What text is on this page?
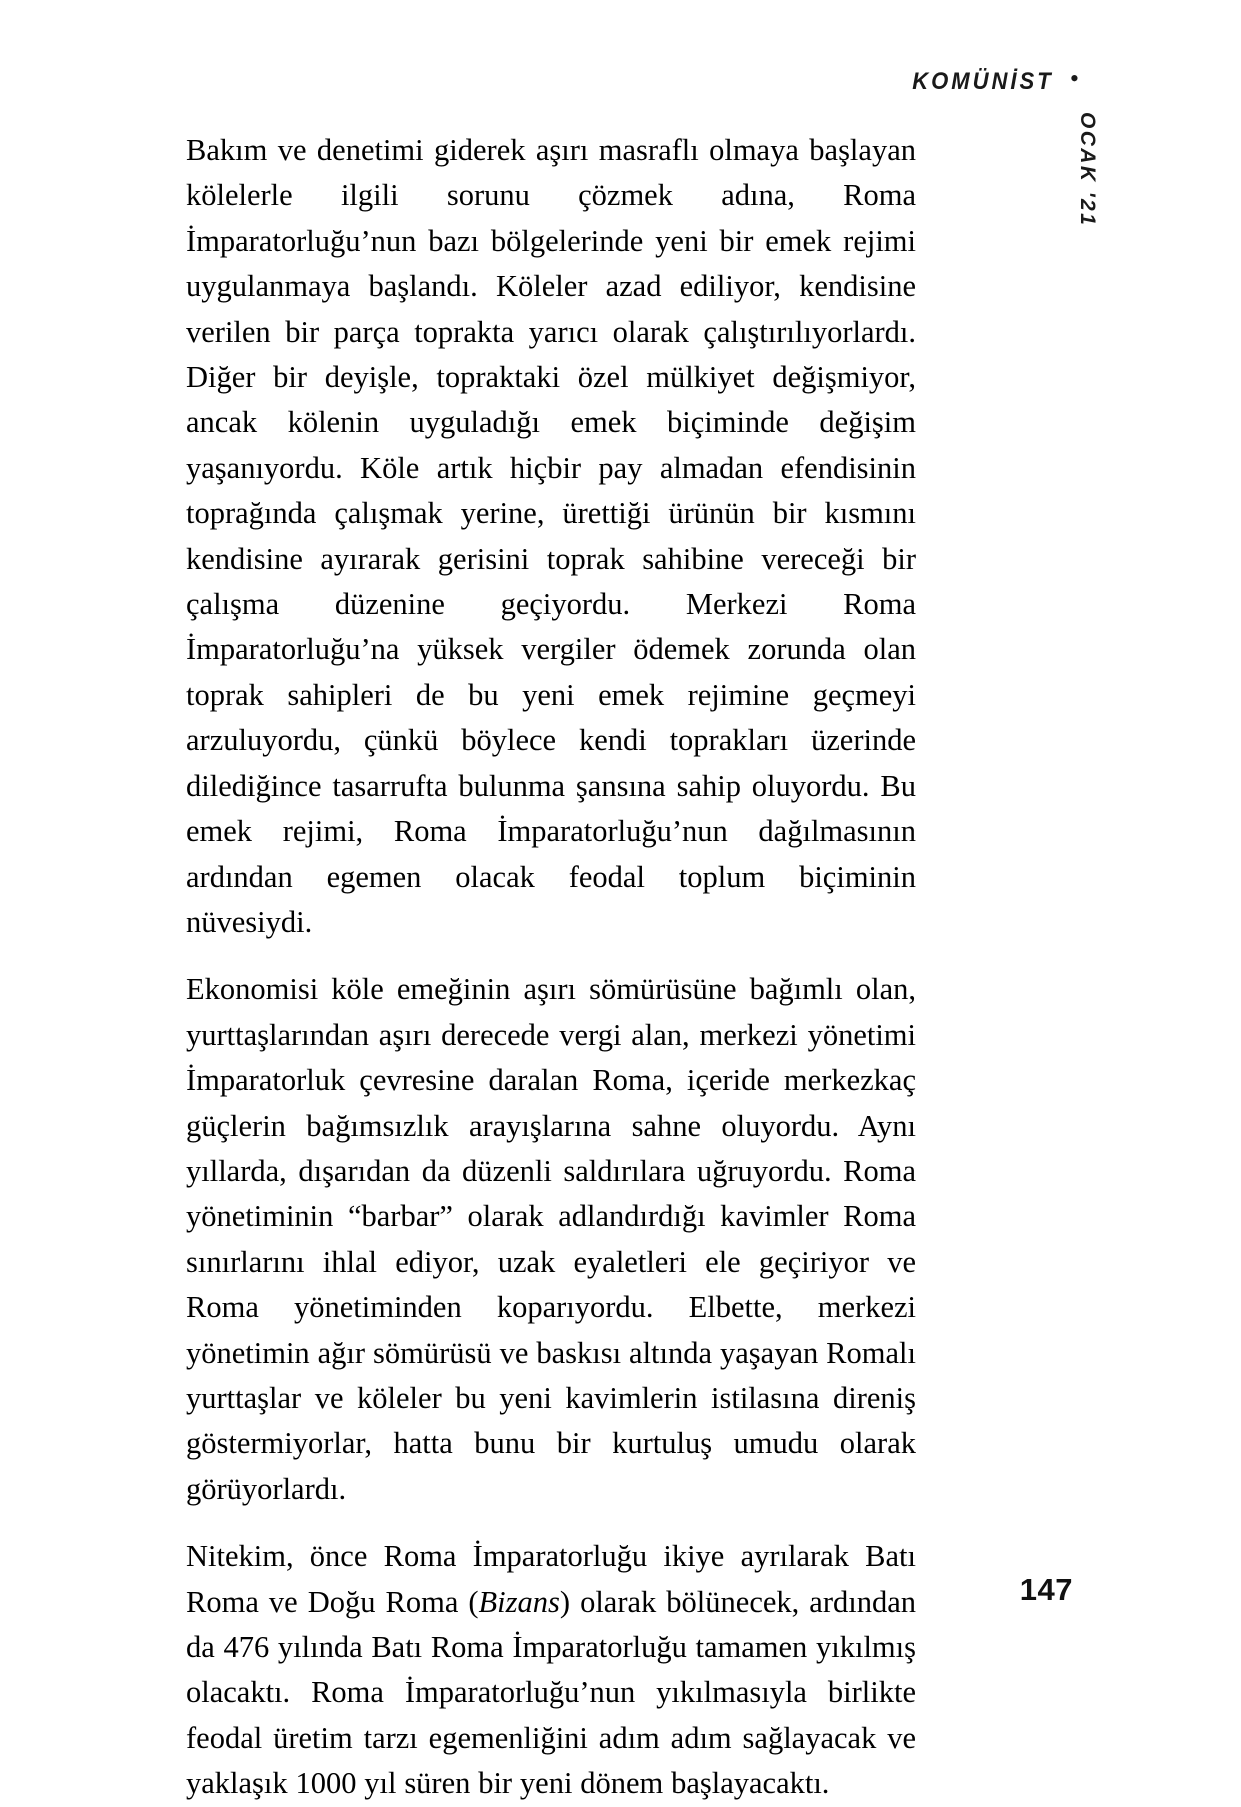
KOMÜNİST •
OCAK '21

Bakım ve denetimi giderek aşırı masraflı olmaya başlayan kölelerle ilgili sorunu çözmek adına, Roma İmparatorluğu’nun bazı bölgelerinde yeni bir emek rejimi uygulanmaya başlandı. Köleler azad ediliyor, kendisine verilen bir parça toprakta yarıcı olarak çalıştırılıyorlardı. Diğer bir deyişle, topraktaki özel mülkiyet değişmiyor, ancak kölenin uyguladığı emek biçiminde değişim yaşanıyordu. Köle artık hiçbir pay almadan efendisinin toprağında çalışmak yerine, ürettiği ürünün bir kısmını kendisine ayırarak gerisini toprak sahibine vereceği bir çalışma düzenine geçiyordu. Merkezi Roma İmparatorluğu’na yüksek vergiler ödemek zorunda olan toprak sahipleri de bu yeni emek rejimine geçmeyi arzuluyordu, çünkü böylece kendi toprakları üzerinde dilediğince tasarrufta bulunma şansına sahip oluyordu. Bu emek rejimi, Roma İmparatorluğu’nun dağılmasının ardından egemen olacak feodal toplum biçiminin nüvesiydi.

Ekonomisi köle emeğinin aşırı sömürüsüne bağımlı olan, yurttaşlarından aşırı derecede vergi alan, merkezi yönetimi İmparatorluk çevresine daralan Roma, içeride merkezkaç güçlerin bağımsızlık arayışlarına sahne oluyordu. Aynı yıllarda, dışarıdan da düzenli saldırılara uğruyordu. Roma yönetiminin “barbar” olarak adlandırdığı kavimler Roma sınırlarını ihlal ediyor, uzak eyaletleri ele geçiriyor ve Roma yönetiminden koparıyordu. Elbette, merkezi yönetimin ağır sömürüsü ve baskısı altında yaşayan Romalı yurttaşlar ve köleler bu yeni kavimlerin istilasına direniş göstermiyorlar, hatta bunu bir kurtuluş umudu olarak görüyorlardı.

Nitekim, önce Roma İmparatorluğu ikiye ayrılarak Batı Roma ve Doğu Roma (Bizans) olarak bölünecek, ardından da 476 yılında Batı Roma İmparatorluğu tamamen yıkılmış olacaktı. Roma İmparatorluğu’nun yıkılmasıyla birlikte feodal üretim tarzı egemenliğini adım adım sağlayacak ve yaklaşık 1000 yıl süren bir yeni dönem başlayacaktı.

147
